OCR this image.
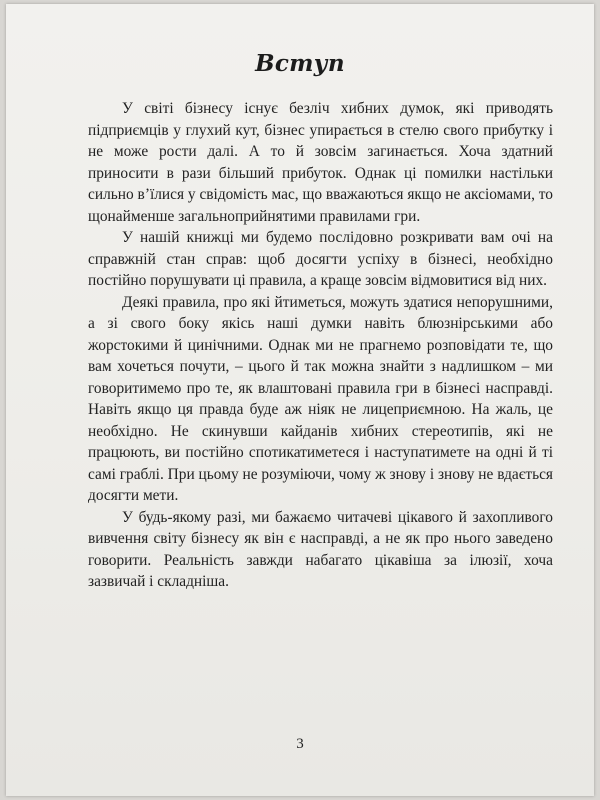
Вступ

У світі бізнесу існує безліч хибних думок, які приводять підприємців у глухий кут, бізнес упирається в стелю свого прибутку і не може рости далі. А то й зовсім загинається. Хоча здатний приносити в рази більший прибуток. Однак ці помилки настільки сильно в’їлися у свідомість мас, що вважаються якщо не аксіомами, то щонайменше загальноприйнятими правилами гри.

У нашій книжці ми будемо послідовно розкривати вам очі на справжній стан справ: щоб досягти успіху в бізнесі, необхідно постійно порушувати ці правила, а краще зовсім відмовитися від них.

Деякі правила, про які йтиметься, можуть здатися непорушними, а зі свого боку якісь наші думки навіть блюзнірськими або жорстокими й цинічними. Однак ми не прагнемо розповідати те, що вам хочеться почути, – цього й так можна знайти з надлишком – ми говоритимемо про те, як влаштовані правила гри в бізнесі насправді. Навіть якщо ця правда буде аж ніяк не лицеприємною. На жаль, це необхідно. Не скинувши кайданів хибних стереотипів, які не працюють, ви постійно спотикатиметеся і наступатимете на одні й ті самі граблі. При цьому не розуміючи, чому ж знову і знову не вдається досягти мети.

У будь-якому разі, ми бажаємо читачеві цікавого й захопливого вивчення світу бізнесу як він є насправді, а не як про нього заведено говорити. Реальність завжди набагато цікавіша за ілюзії, хоча зазвичай і складніша.

3
